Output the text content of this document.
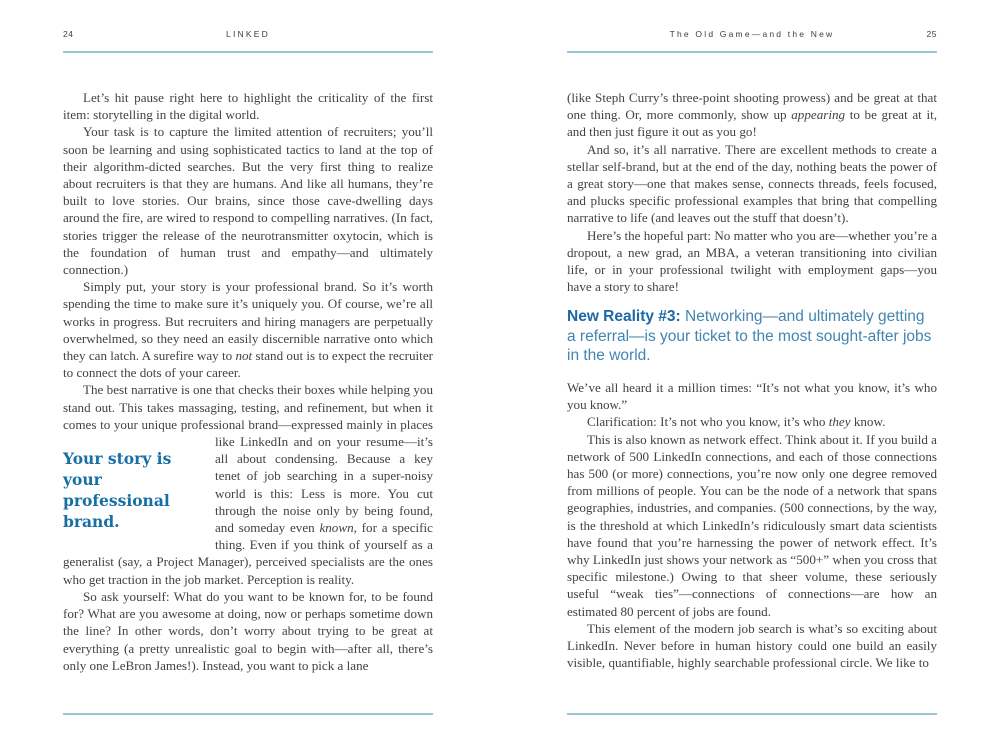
24	LINKED

Let’s hit pause right here to highlight the criticality of the first item: storytelling in the digital world.

Your task is to capture the limited attention of recruiters; you’ll soon be learning and using sophisticated tactics to land at the top of their algorithm-dicted searches. But the very first thing to realize about recruiters is that they are humans. And like all humans, they’re built to love stories. Our brains, since those cave-dwelling days around the fire, are wired to respond to compelling narratives. (In fact, stories trigger the release of the neurotransmitter oxytocin, which is the foundation of human trust and empathy—and ultimately connection.)

Simply put, your story is your professional brand. So it’s worth spending the time to make sure it’s uniquely you. Of course, we’re all works in progress. But recruiters and hiring managers are perpetually overwhelmed, so they need an easily discernible narrative onto which they can latch. A surefire way to not stand out is to expect the recruiter to connect the dots of your career.

The best narrative is one that checks their boxes while helping you stand out. This takes massaging, testing, and refinement, but when it comes to your unique professional brand—expressed
Your story is your professional brand.
mainly in places like LinkedIn and on your resume—it’s all about condensing. Because a key tenet of job searching in a super-noisy world is this: Less is more. You cut through the noise only by being found, and someday even known, for a specific thing. Even if you think of yourself as a generalist (say, a Project Manager), perceived specialists are the ones who get traction in the job market. Perception is reality.

So ask yourself: What do you want to be known for, to be found for? What are you awesome at doing, now or perhaps sometime down the line? In other words, don’t worry about trying to be great at everything (a pretty unrealistic goal to begin with—after all, there’s only one LeBron James!). Instead, you want to pick a lane

The Old Game—and the New	25

(like Steph Curry’s three-point shooting prowess) and be great at that one thing. Or, more commonly, show up appearing to be great at it, and then just figure it out as you go!

And so, it’s all narrative. There are excellent methods to create a stellar self-brand, but at the end of the day, nothing beats the power of a great story—one that makes sense, connects threads, feels focused, and plucks specific professional examples that bring that compelling narrative to life (and leaves out the stuff that doesn’t).

Here’s the hopeful part: No matter who you are—whether you’re a dropout, a new grad, an MBA, a veteran transitioning into civilian life, or in your professional twilight with employment gaps—you have a story to share!

New Reality #3: Networking—and ultimately getting a referral—is your ticket to the most sought-after jobs in the world.

We’ve all heard it a million times: “It’s not what you know, it’s who you know.”

Clarification: It’s not who you know, it’s who they know.

This is also known as network effect. Think about it. If you build a network of 500 LinkedIn connections, and each of those connections has 500 (or more) connections, you’re now only one degree removed from millions of people. You can be the node of a network that spans geographies, industries, and companies. (500 connections, by the way, is the threshold at which LinkedIn’s ridiculously smart data scientists have found that you’re harnessing the power of network effect. It’s why LinkedIn just shows your network as “500+” when you cross that specific milestone.) Owing to that sheer volume, these seriously useful “weak ties”—connections of connections—are how an estimated 80 percent of jobs are found.

This element of the modern job search is what’s so exciting about LinkedIn. Never before in human history could one build an easily visible, quantifiable, highly searchable professional circle. We like to
